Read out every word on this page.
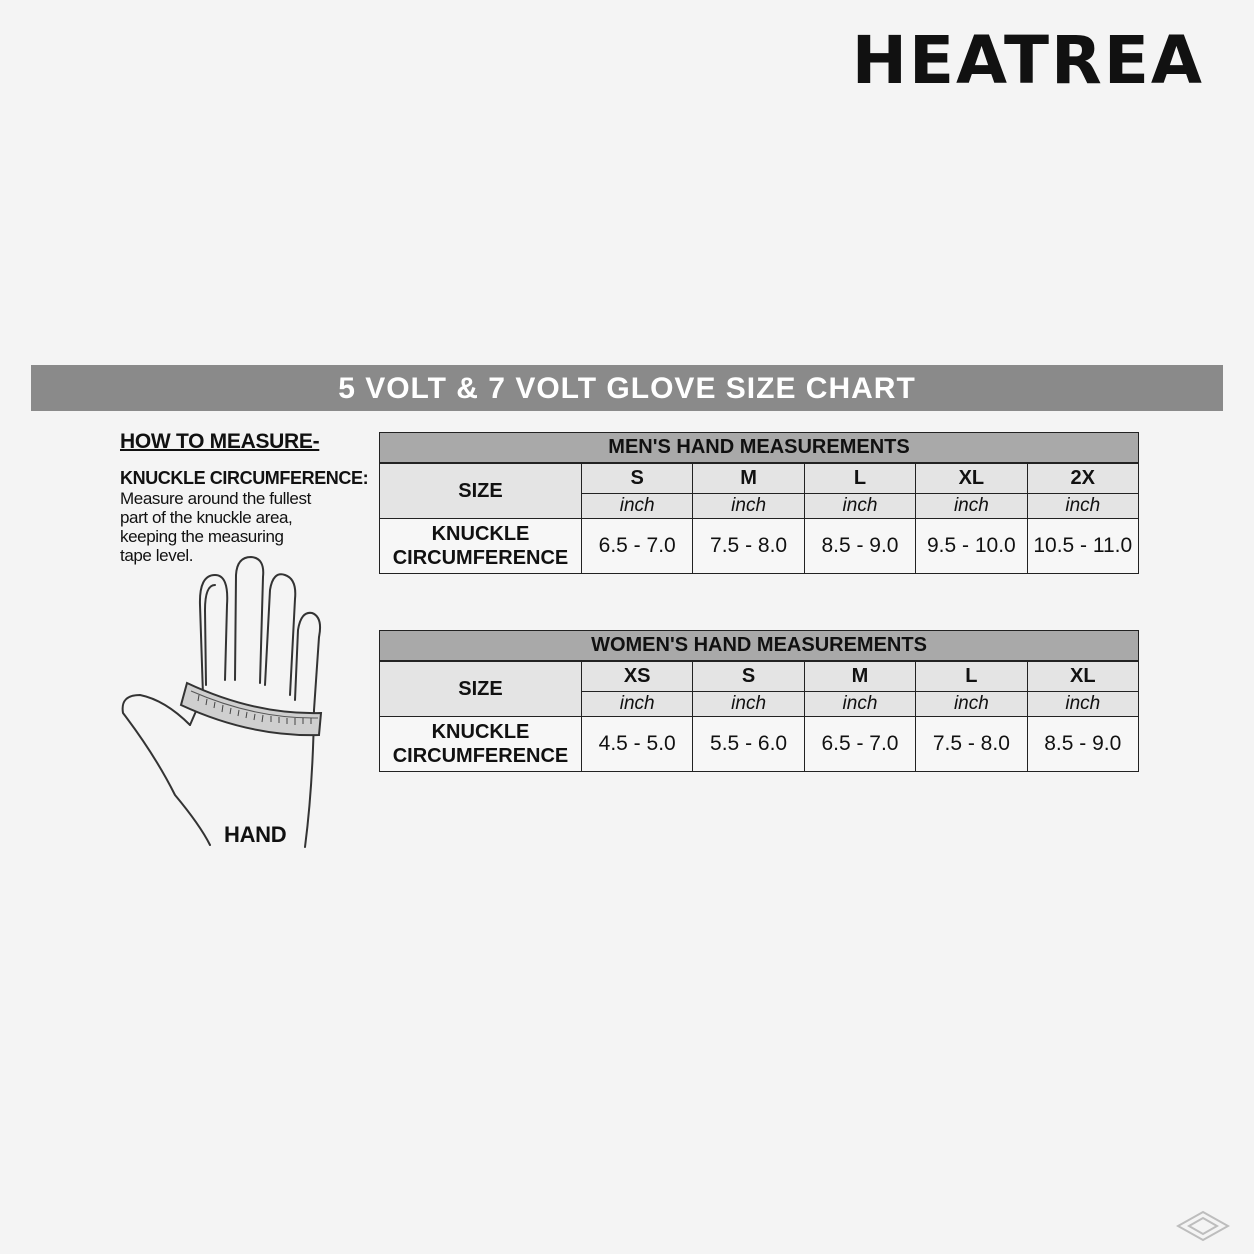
HEATREA
5 VOLT & 7 VOLT GLOVE SIZE CHART
HOW TO MEASURE-
KNUCKLE CIRCUMFERENCE:
Measure around the fullest
part of the knuckle area,
keeping the measuring
tape level.
HAND
MEN'S HAND MEASUREMENTS					
SIZE	S	M	L	XL	2X
	inch	inch	inch	inch	inch

KNUCKLE
CIRCUMFERENCE	6.5 - 7.0	7.5 - 8.0	8.5 - 9.0	9.5 - 10.0	10.5 - 11.0
WOMEN'S HAND MEASUREMENTS					
SIZE	XS	S	M	L	XL
	inch	inch	inch	inch	inch

KNUCKLE
CIRCUMFERENCE	4.5 - 5.0	5.5 - 6.0	6.5 - 7.0	7.5 - 8.0	8.5 - 9.0
